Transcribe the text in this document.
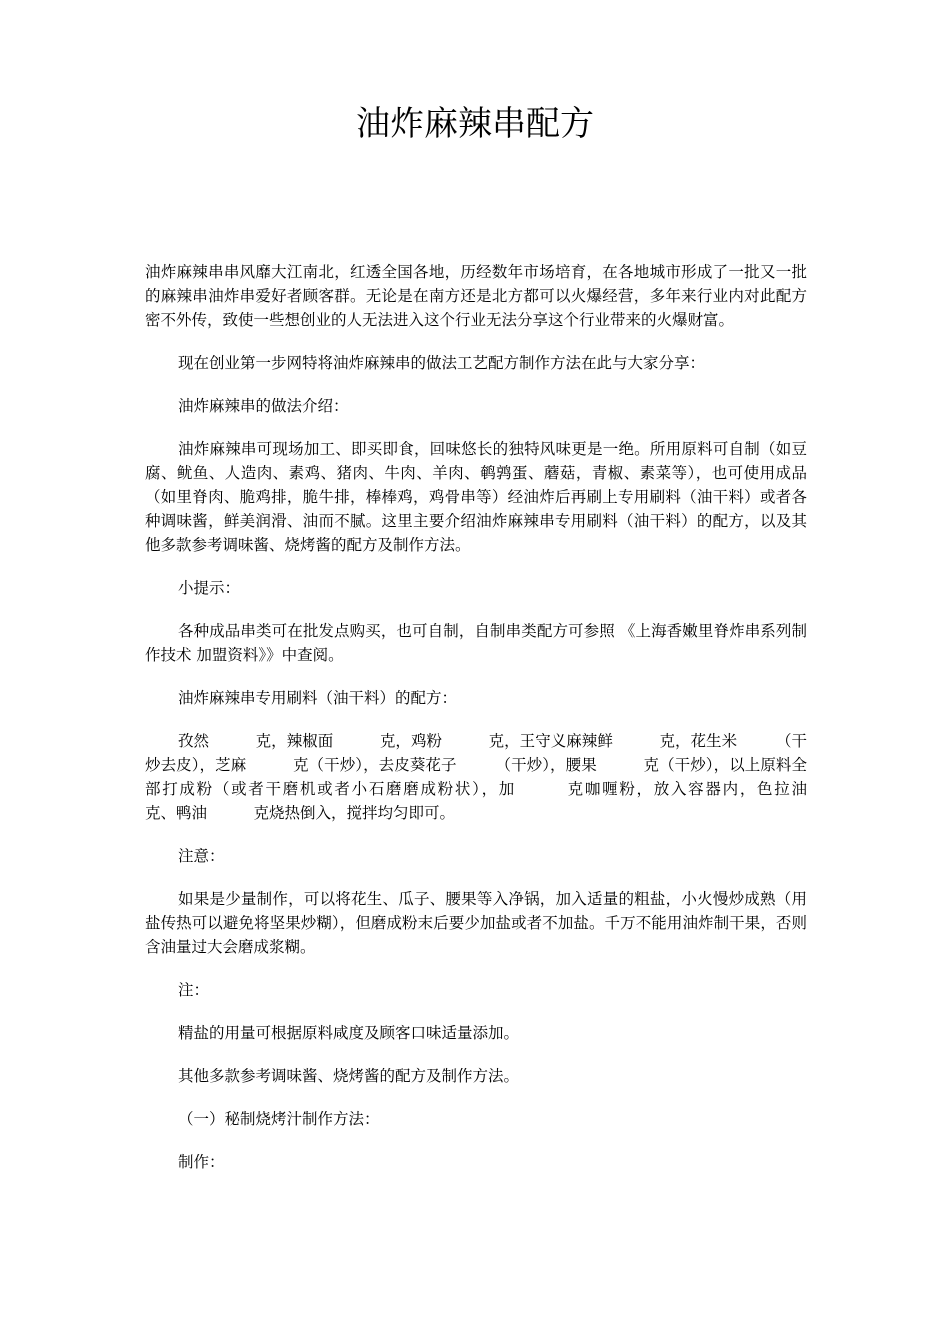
油炸麻辣串配方

油炸麻辣串串风靡大江南北，红透全国各地，历经数年市场培育，在各地城市形成了一批又一批的麻辣串油炸串爱好者顾客群。无论是在南方还是北方都可以火爆经营，多年来行业内对此配方密不外传，致使一些想创业的人无法进入这个行业无法分享这个行业带来的火爆财富。

现在创业第一步网特将油炸麻辣串的做法工艺配方制作方法在此与大家分享：

油炸麻辣串的做法介绍：

油炸麻辣串可现场加工、即买即食，回味悠长的独特风味更是一绝。所用原料可自制（如豆腐、鱿鱼、人造肉、素鸡、猪肉、牛肉、羊肉、鹌鹑蛋、蘑菇，青椒、素菜等），也可使用成品（如里脊肉、脆鸡排，脆牛排，棒棒鸡，鸡骨串等）经油炸后再刷上专用刷料（油干料）或者各种调味酱，鲜美润滑、油而不腻。这里主要介绍油炸麻辣串专用刷料（油干料）的配方，以及其他多款参考调味酱、烧烤酱的配方及制作方法。

小提示：

各种成品串类可在批发点购买，也可自制，自制串类配方可参照 《上海香嫩里脊炸串系列制作技术 加盟资料》》中查阅。

油炸麻辣串专用刷料（油干料）的配方：

孜然　　　克，辣椒面　　　克，鸡粉　　　克，王守义麻辣鲜　　　克，花生米　　　（干炒去皮），芝麻　　　克（干炒），去皮葵花子　　　（干炒），腰果　　　克（干炒），以上原料全部打成粉（或者干磨机或者小石磨磨成粉状），加　　　克咖喱粉，放入容器内，色拉油　　　　克、鸭油　　　克烧热倒入，搅拌均匀即可。

注意：

如果是少量制作，可以将花生、瓜子、腰果等入净锅，加入适量的粗盐，小火慢炒成熟（用盐传热可以避免将坚果炒糊），但磨成粉末后要少加盐或者不加盐。千万不能用油炸制干果，否则含油量过大会磨成浆糊。

注：

精盐的用量可根据原料咸度及顾客口味适量添加。

其他多款参考调味酱、烧烤酱的配方及制作方法。

（一）秘制烧烤汁制作方法：

制作：
